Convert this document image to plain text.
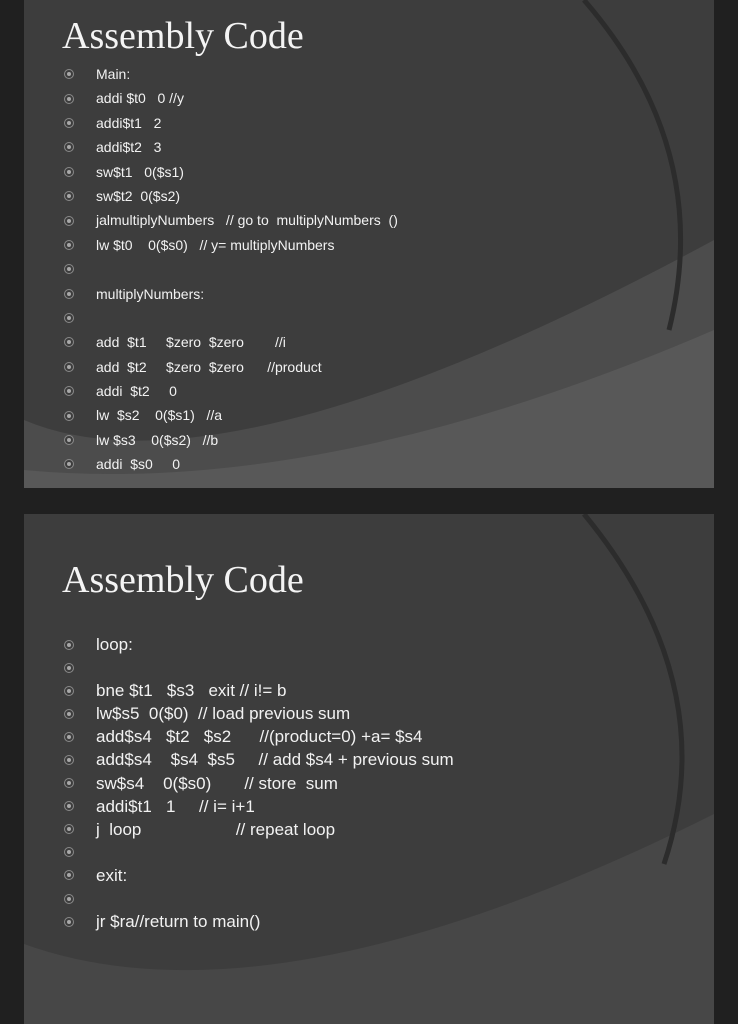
Assembly Code
Main:
addi $t0   0 //y
addi$t1   2
addi$t2   3
sw$t1   0($s1)
sw$t2  0($s2)
jalmultiplyNumbers   // go to  multiplyNumbers  ()
lw $t0    0($s0)   // y= multiplyNumbers
multiplyNumbers:
add  $t1     $zero  $zero        //i
add  $t2     $zero  $zero      //product
addi  $t2     0
lw  $s2    0($s1)   //a
lw $s3    0($s2)   //b
addi  $s0     0
Assembly Code
loop:
bne $t1   $s3   exit // i!= b
lw$s5  0($0)  // load previous sum
add$s4   $t2   $s2      //(product=0) +a= $s4
add$s4    $s4  $s5     // add $s4 + previous sum
sw$s4    0($s0)       // store  sum
addi$t1   1     // i= i+1
j  loop                    // repeat loop
exit:
jr $ra//return to main()
